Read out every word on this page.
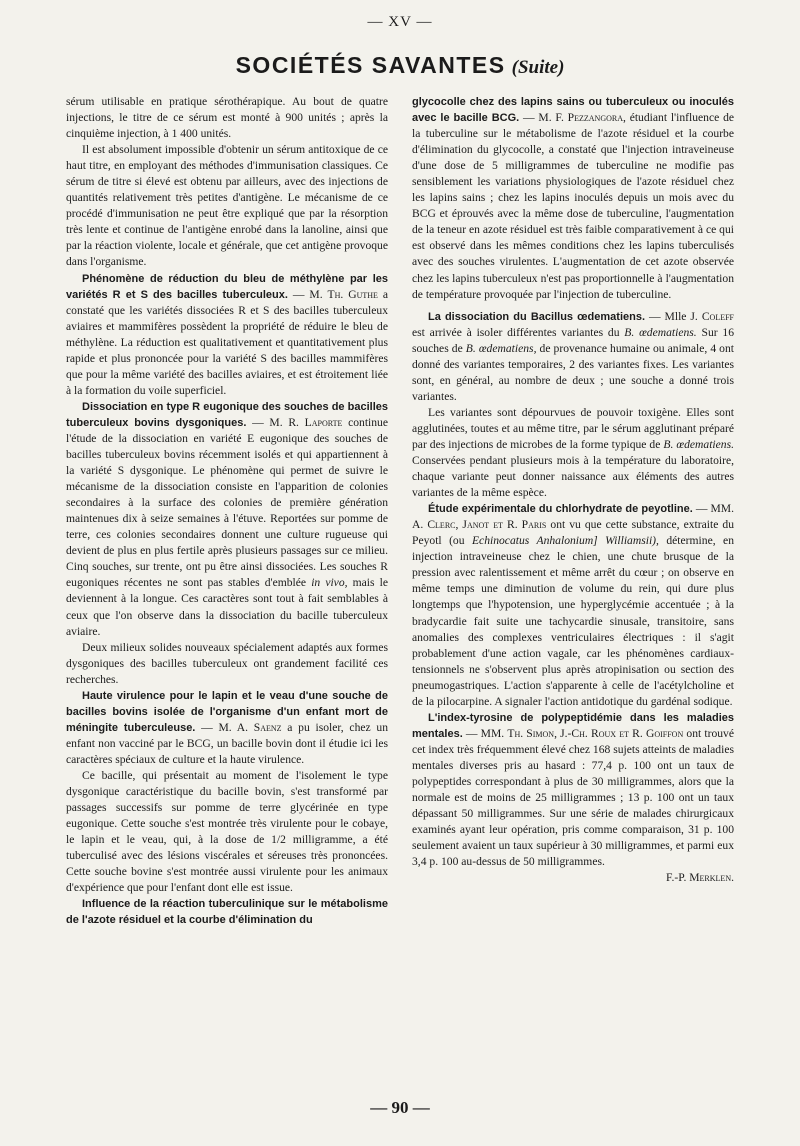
— XV —
SOCIÉTÉS SAVANTES (Suite)

sérum utilisable en pratique sérothérapique. Au bout de quatre injections, le titre de ce sérum est monté à 900 unités ; après la cinquième injection, à 1 400 unités.

Il est absolument impossible d'obtenir un sérum antitoxique de ce haut titre, en employant des méthodes d'immunisation classiques. Ce sérum de titre si élevé est obtenu par ailleurs, avec des injections de quantités relativement très petites d'antigène. Le mécanisme de ce procédé d'immunisation ne peut être expliqué que par la résorption très lente et continue de l'antigène enrobé dans la lanoline, ainsi que par la réaction violente, locale et générale, que cet antigène provoque dans l'organisme.

Phénomène de réduction du bleu de méthylène par les variétés R et S des bacilles tuberculeux. — M. Th. Guthe a constaté que les variétés dissociées R et S des bacilles tuberculeux aviaires et mammifères possèdent la propriété de réduire le bleu de méthylène. La réduction est qualitativement et quantitativement plus rapide et plus prononcée pour la variété S des bacilles mammifères que pour la même variété des bacilles aviaires, et est étroitement liée à la formation du voile superficiel.

Dissociation en type R eugonique des souches de bacilles tuberculeux bovins dysgoniques. — M. R. Laporte continue l'étude de la dissociation en variété E eugonique des souches de bacilles tuberculeux bovins récemment isolés et qui appartiennent à la variété S dysgonique. Le phénomène qui permet de suivre le mécanisme de la dissociation consiste en l'apparition de colonies secondaires à la surface des colonies de première génération maintenues dix à seize semaines à l'étuve. Reportées sur pomme de terre, ces colonies secondaires donnent une culture rugueuse qui devient de plus en plus fertile après plusieurs passages sur ce milieu. Cinq souches, sur trente, ont pu être ainsi dissociées. Les souches R eugoniques récentes ne sont pas stables d'emblée in vivo, mais le deviennent à la longue. Ces caractères sont tout à fait semblables à ceux que l'on observe dans la dissociation du bacille tuberculeux aviaire.

Deux milieux solides nouveaux spécialement adaptés aux formes dysgoniques des bacilles tuberculeux ont grandement facilité ces recherches.

Haute virulence pour le lapin et le veau d'une souche de bacilles bovins isolée de l'organisme d'un enfant mort de méningite tuberculeuse. — M. A. Saenz a pu isoler, chez un enfant non vacciné par le BCG, un bacille bovin dont il étudie ici les caractères spéciaux de culture et la haute virulence.

Ce bacille, qui présentait au moment de l'isolement le type dysgonique caractéristique du bacille bovin, s'est transformé par passages successifs sur pomme de terre glycérinée en type eugonique. Cette souche s'est montrée très virulente pour le cobaye, le lapin et le veau, qui, à la dose de 1/2 milligramme, a été tuberculisé avec des lésions viscérales et séreuses très prononcées. Cette souche bovine s'est montrée aussi virulente pour les animaux d'expérience que pour l'enfant dont elle est issue.

Influence de la réaction tuberculinique sur le métabolisme de l'azote résiduel et la courbe d'élimination du

glycocolle chez des lapins sains ou tuberculeux ou inoculés avec le bacille BCG. — M. F. Pezzangora, étudiant l'influence de la tuberculine sur le métabolisme de l'azote résiduel et la courbe d'élimination du glycocolle, a constaté que l'injection intraveineuse d'une dose de 5 milligrammes de tuberculine ne modifie pas sensiblement les variations physiologiques de l'azote résiduel chez les lapins sains ; chez les lapins inoculés depuis un mois avec du BCG et éprouvés avec la même dose de tuberculine, l'augmentation de la teneur en azote résiduel est très faible comparativement à ce qui est observé dans les mêmes conditions chez les lapins tuberculisés avec des souches virulentes. L'augmentation de cet azote observée chez les lapins tuberculeux n'est pas proportionnelle à l'augmentation de température provoquée par l'injection de tuberculine.

La dissociation du Bacillus œdematiens. — Mlle J. Coleff est arrivée à isoler différentes variantes du B. œdematiens. Sur 16 souches de B. œdematiens, de provenance humaine ou animale, 4 ont donné des variantes temporaires, 2 des variantes fixes. Les variantes sont, en général, au nombre de deux ; une souche a donné trois variantes.

Les variantes sont dépourvues de pouvoir toxigène. Elles sont agglutinées, toutes et au même titre, par le sérum agglutinant préparé par des injections de microbes de la forme typique de B. œdematiens. Conservées pendant plusieurs mois à la température du laboratoire, chaque variante peut donner naissance aux éléments des autres variantes de la même espèce.

Étude expérimentale du chlorhydrate de peyotline. — MM. A. Clerc, Janot et R. Paris ont vu que cette substance, extraite du Peyotl (ou Echinocatus Anhalonium] Williamsii), détermine, en injection intraveineuse chez le chien, une chute brusque de la pression avec ralentissement et même arrêt du cœur ; on observe en même temps une diminution de volume du rein, qui dure plus longtemps que l'hypotension, une hyperglycémie accentuée ; à la bradycardie fait suite une tachycardie sinusale, transitoire, sans anomalies des complexes ventriculaires électriques : il s'agit probablement d'une action vagale, car les phénomènes cardiaux-tensionnels ne s'observent plus après atropinisation ou section des pneumogastriques. L'action s'apparente à celle de l'acétylcholine et de la pilocarpine. A signaler l'action antidotique du gardénal sodique.

L'index-tyrosine de polypeptidémie dans les maladies mentales. — MM. Th. Simon, J.-Ch. Roux et R. Goiffon ont trouvé cet index très fréquemment élevé chez 168 sujets atteints de maladies mentales diverses pris au hasard : 77,4 p. 100 ont un taux de polypeptides correspondant à plus de 30 milligrammes, alors que la normale est de moins de 25 milligrammes ; 13 p. 100 ont un taux dépassant 50 milligrammes. Sur une série de malades chirurgicaux examinés ayant leur opération, pris comme comparaison, 31 p. 100 seulement avaient un taux supérieur à 30 milligrammes, et parmi eux 3,4 p. 100 au-dessus de 50 milligrammes.

F.-P. Merklen.

— 90 —
